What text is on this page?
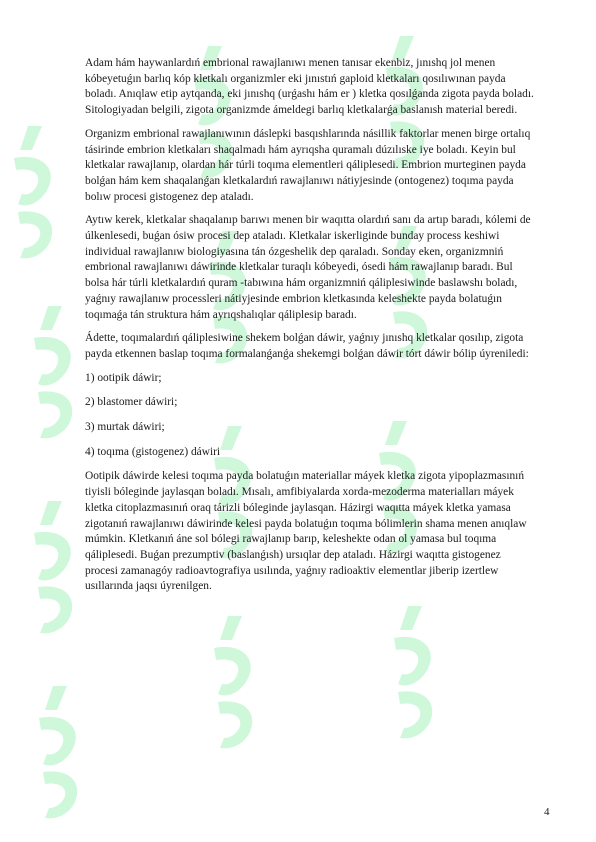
Adam hám haywanlardıń embrional rawajlanıwı menen tanısar ekenbiz, jınıshq jol menen kóbeyetuǵın barlıq kóp kletkalı organizmler eki jınıstıń gaploid kletkaları qosılıwınan payda boladı. Anıqlaw etip aytqanda, eki jınıshq (urǵashı hám er ) kletka qosılǵanda zigota payda boladı. Sitologiyadan belgili, zigota organizmde ámeldegi barlıq kletkalarǵa baslanısh material beredi.

Organizm embrional rawajlanıwının dáslepki basqıshlarında násillik faktorlar menen birge ortalıq tásirinde embrion kletkaları shaqalmadı hám ayrıqsha quramalı dúzılıske iye boladı. Keyin bul kletkalar rawajlanıp, olardan hár túrli toqıma elementleri qáliplesedi. Embrion murteginen payda bolǵan hám kem shaqalanǵan kletkalardıń rawajlanıwı nátiyjesinde (ontogenez) toqıma payda bolıw procesi gistogenez dep ataladı.

Aytıw kerek, kletkalar shaqalanıp barıwı menen bir waqıtta olardıń sanı da artıp baradı, kólemi de úlkenlesedi, buǵan ósiw procesi dep ataladı. Kletkalar iskerliginde bunday process keshiwi individual rawajlanıw biologiyasına tán ózgeshelik dep qaraladı. Sonday eken, organizmniń embrional rawajlanıwı dáwirinde kletkalar turaqlı kóbeyedi, ósedi hám rawajlanıp baradı. Bul bolsa hár túrli kletkalardıń quram -tabıwına hám organizmniń qáliplesiwinde baslawshı boladı, yaǵnıy rawajlanıw processleri nátiyjesinde embrion kletkasında keleshekte payda bolatuǵın toqımaǵa tán struktura hám ayrıqshalıqlar qáliplesip baradı.

Ádette, toqımalardıń qáliplesiwine shekem bolǵan dáwir, yaǵnıy jınıshq kletkalar qosılıp, zigota payda etkennen baslap toqıma formalanǵanǵa shekemgi bolǵan dáwir tórt dáwir bólip úyreniledi:

1) ootipik dáwir;

2) blastomer dáwiri;

3) murtak dáwiri;

4) toqıma (gistogenez) dáwiri

Ootipik dáwirde kelesi toqıma payda bolatuǵın materiallar máyek kletka zigota yipoplazmasınıń tiyisli bóleginde jaylasqan boladı. Mısalı, amfibiyalarda xorda-mezoderma materialları máyek kletka citoplazmasınıń oraq tárizli bóleginde jaylasqan. Házirgi waqıtta máyek kletka yamasa zigotanıń rawajlanıwı dáwirinde kelesi payda bolatuǵın toqıma bólimlerin shama menen anıqlaw múmkin. Kletkanıń áne sol bólegi rawajlanıp barıp, keleshekte odan ol yamasa bul toqıma qáliplesedi. Buǵan prezumptiv (baslanǵısh) ursıqlar dep ataladı. Házirgi waqıtta gistogenez procesi zamanagóy radioavtografiya usılında, yaǵnıy radioaktiv elementlar jiberip izertlew usıllarında jaqsı úyrenilgen.

4
